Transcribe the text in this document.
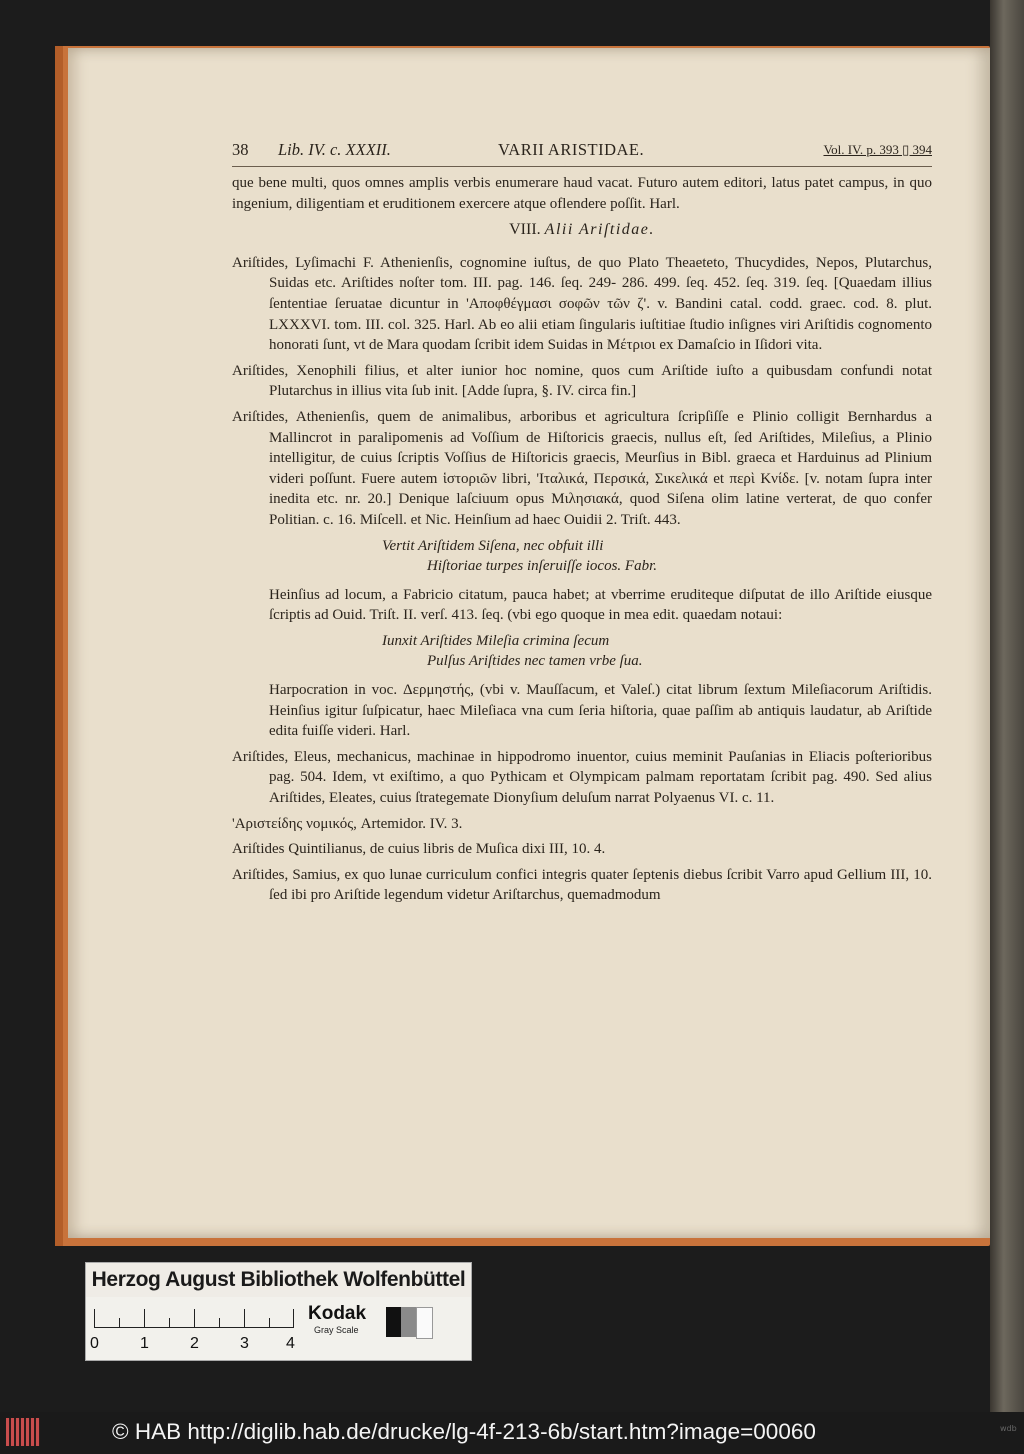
38 Lib. IV. c. XXXII.	VARII ARISTIDAE.	Vol. IV. p. 393 ▯ 394

que bene multi, quos omnes amplis verbis enumerare haud vacat. Futuro autem editori, latus patet campus, in quo ingenium, diligentiam et eruditionem exercere atque oflendere poſſit. Harl.

VIII. Alii Ariſtidae.

Ariſtides, Lyſimachi F. Athenienſis, cognomine iuſtus, de quo Plato Theaeteto, Thucydides, Nepos, Plutarchus, Suidas etc. Ariſtides noſter tom. III. pag. 146. ſeq. 249- 286. 499. ſeq. 452. ſeq. 319. ſeq. [Quaedam illius ſententiae ſeruatae dicuntur in 'Αποφθέγμασι σοφῶν τῶν ζ'. v. Bandini catal. codd. graec. cod. 8. plut. LXXXVI. tom. III. col. 325. Harl. Ab eo alii etiam ſingularis iuſtitiae ſtudio inſignes viri Ariſtidis cognomento honorati ſunt, vt de Mara quodam ſcribit idem Suidas in Μέτριοι ex Damaſcio in Iſidori vita.

Ariſtides, Xenophili filius, et alter iunior hoc nomine, quos cum Ariſtide iuſto a quibusdam confundi notat Plutarchus in illius vita ſub init. [Adde ſupra, §. IV. circa fin.]

Ariſtides, Athenienſis, quem de animalibus, arboribus et agricultura ſcripſiſſe e Plinio colligit Bernhardus a Mallincrot in paralipomenis ad Voſſium de Hiſtoricis graecis, nullus eſt, ſed Ariſtides, Mileſius, a Plinio intelligitur, de cuius ſcriptis Voſſius de Hiſtoricis graecis, Meurſius in Bibl. graeca et Harduinus ad Plinium videri poſſunt. Fuere autem ἱστοριῶν libri, 'Ιταλικά, Περσικά, Σικελικά et περὶ Κνίδε. [v. notam ſupra inter inedita etc. nr. 20.] Denique laſciuum opus Μιλησιακά, quod Siſena olim latine verterat, de quo confer Politian. c. 16. Miſcell. et Nic. Heinſium ad haec Ouidii 2. Triſt. 443.

Vertit Ariſtidem Siſena, nec obfuit illi
Hiſtoriae turpes inſeruiſſe iocos. Fabr.

Heinſius ad locum, a Fabricio citatum, pauca habet; at vberrime eruditeque diſputat de illo Ariſtide eiusque ſcriptis ad Ouid. Triſt. II. verſ. 413. ſeq. (vbi ego quoque in mea edit. quaedam notaui:

Iunxit Ariſtides Mileſia crimina ſecum
Pulſus Ariſtides nec tamen vrbe ſua.

Harpocration in voc. Δερμηστής, (vbi v. Mauſſacum, et Valeſ.) citat librum ſextum Mileſiacorum Ariſtidis. Heinſius igitur ſuſpicatur, haec Mileſiaca vna cum ſeria hiſtoria, quae paſſim ab antiquis laudatur, ab Ariſtide edita fuiſſe videri. Harl.

Ariſtides, Eleus, mechanicus, machinae in hippodromo inuentor, cuius meminit Pauſanias in Eliacis poſterioribus pag. 504. Idem, vt exiſtimo, a quo Pythicam et Olympicam palmam reportatam ſcribit pag. 490. Sed alius Ariſtides, Eleates, cuius ſtrategemate Dionyſium deluſum narrat Polyaenus VI. c. 11.

'Αριστείδης νομικός, Artemidor. IV. 3.

Ariſtides Quintilianus, de cuius libris de Muſica dixi III, 10. 4.

Ariſtides, Samius, ex quo lunae curriculum confici integris quater ſeptenis diebus ſcribit Varro apud Gellium III, 10. ſed ibi pro Ariſtide legendum videtur Ariſtarchus, quemadmodum

Herzog August Bibliothek Wolfenbüttel
0	1	2	3 4
Kodak
Gray Scale
© HAB http://diglib.hab.de/drucke/lg-4f-213-6b/start.htm?image=00060	wdb
